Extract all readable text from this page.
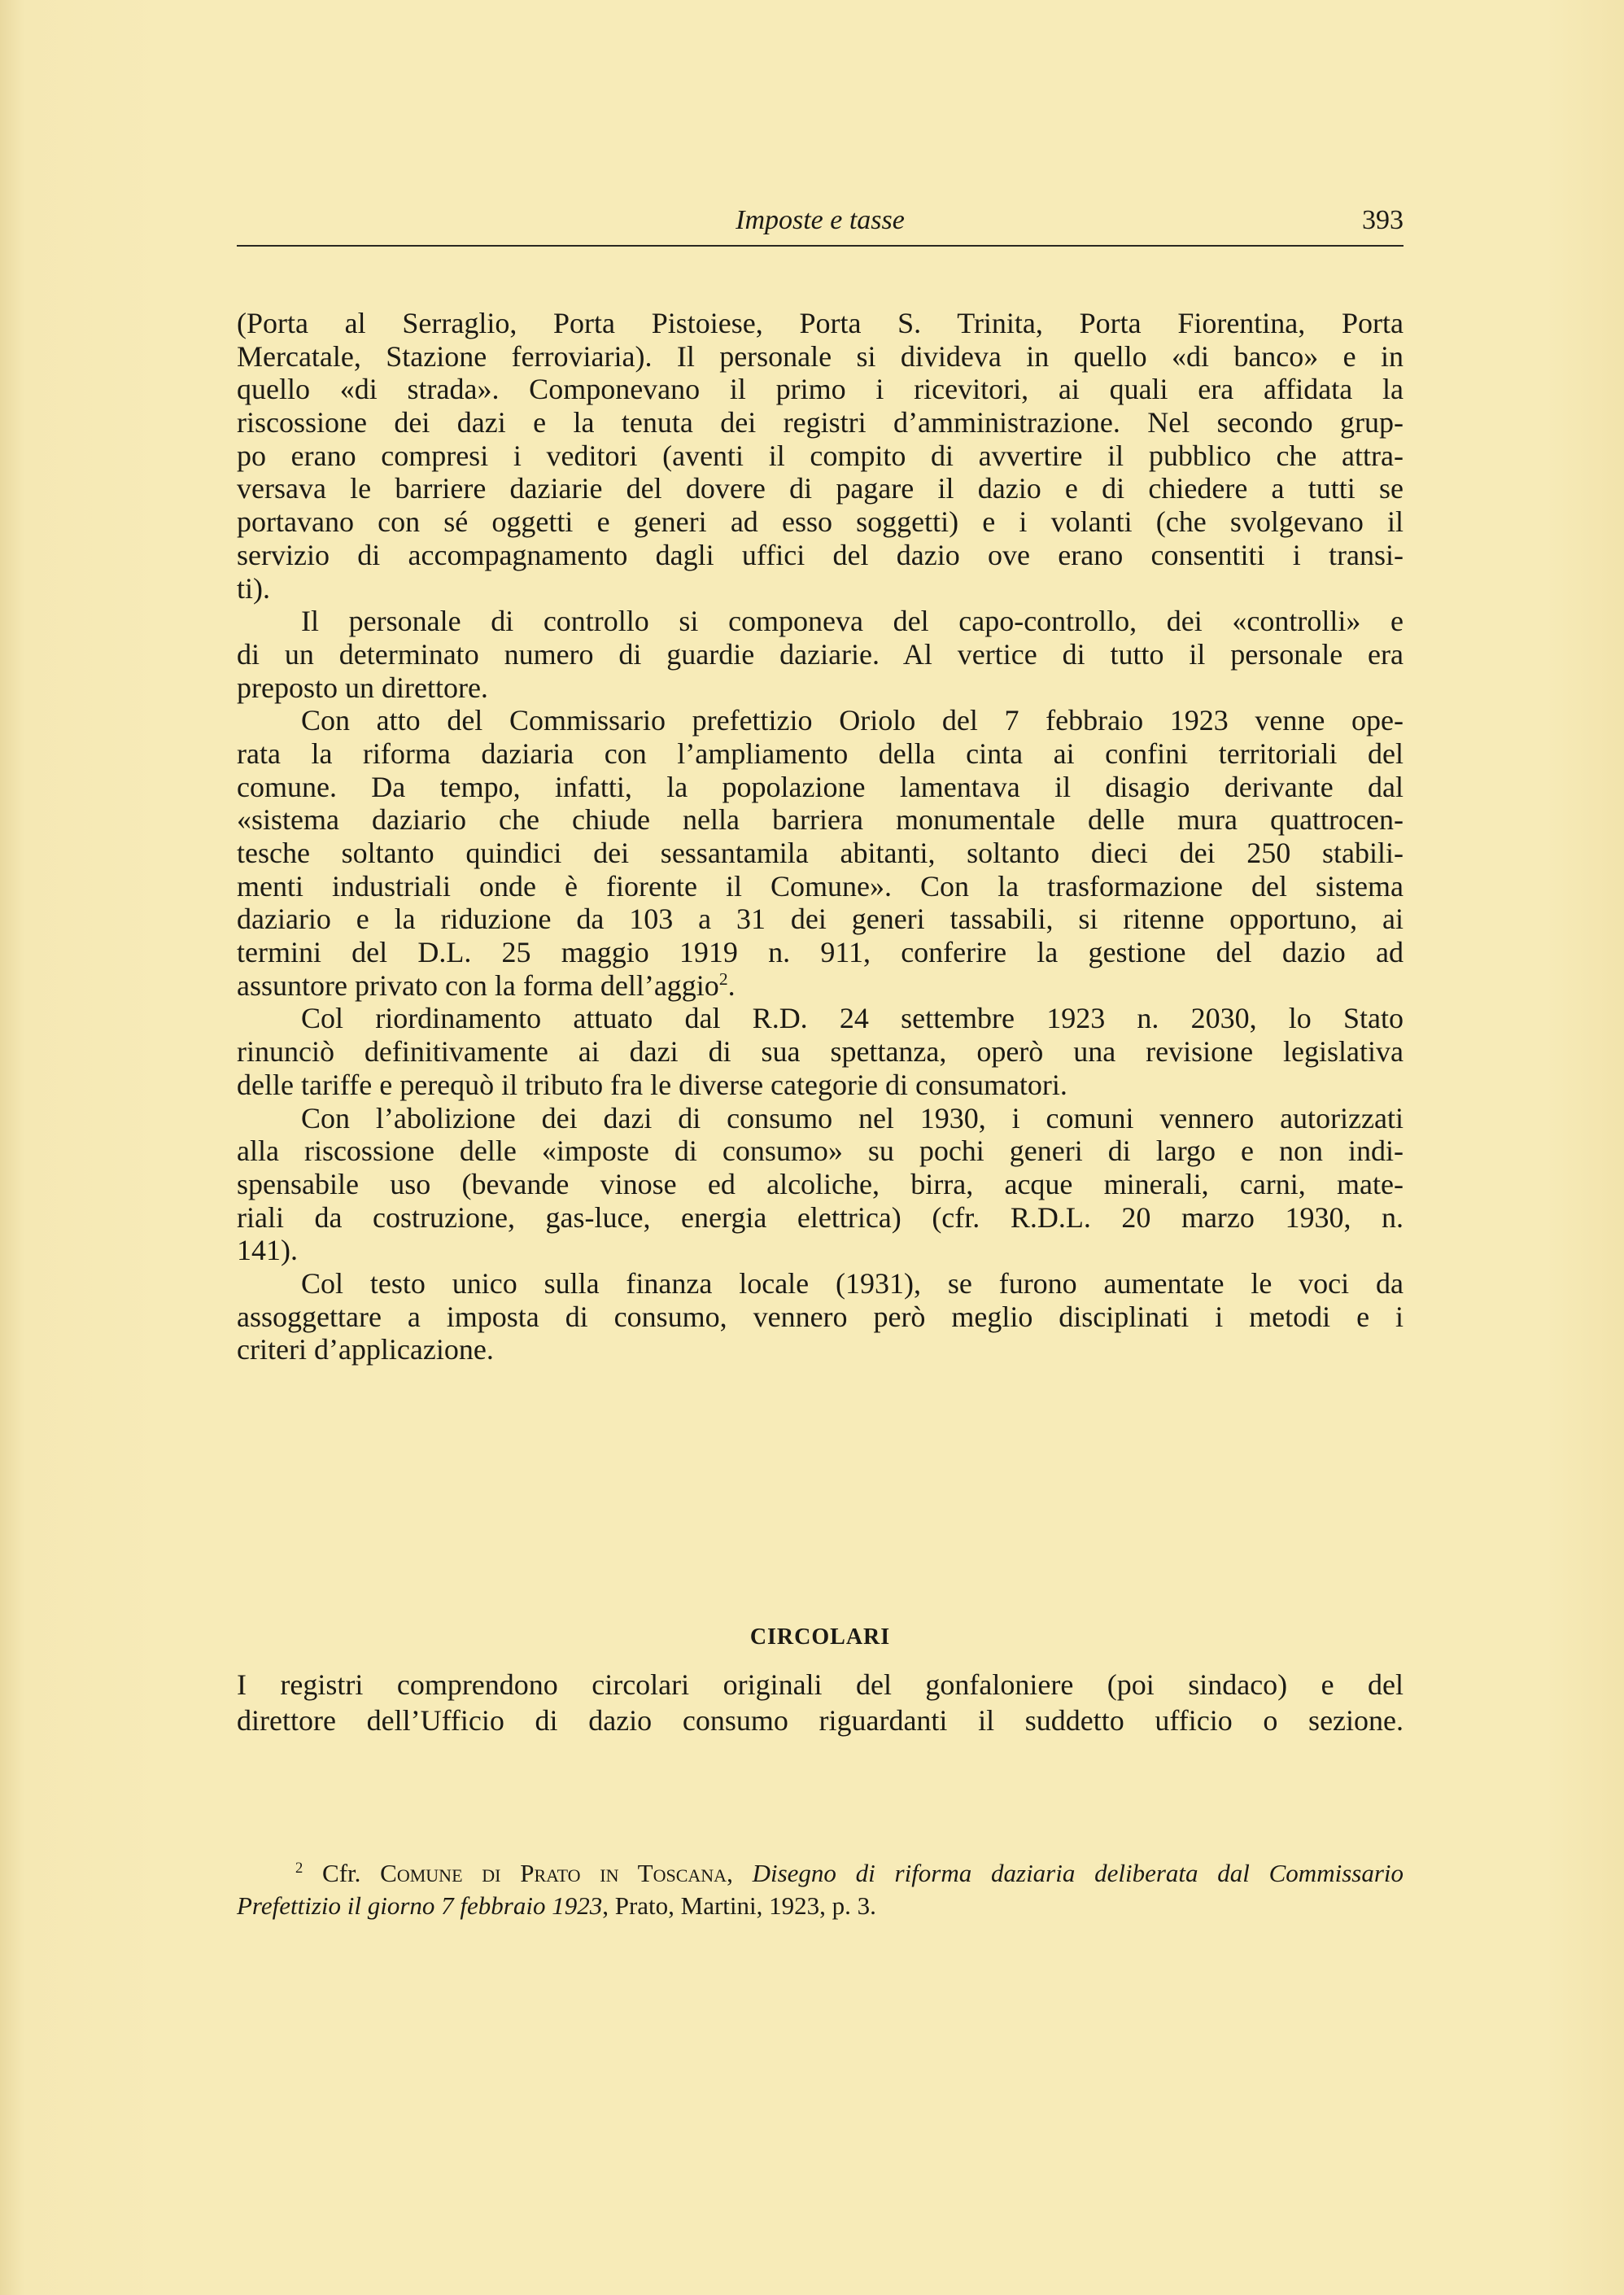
Imposte e tasse	393
(Porta al Serraglio, Porta Pistoiese, Porta S. Trinita, Porta Fiorentina, Porta
Mercatale, Stazione ferroviaria). Il personale si divideva in quello «di banco» e in
quello «di strada». Componevano il primo i ricevitori, ai quali era affidata la
riscossione dei dazi e la tenuta dei registri d’amministrazione. Nel secondo grup-
po erano compresi i veditori (aventi il compito di avvertire il pubblico che attra-
versava le barriere daziarie del dovere di pagare il dazio e di chiedere a tutti se
portavano con sé oggetti e generi ad esso soggetti) e i volanti (che svolgevano il
servizio di accompagnamento dagli uffici del dazio ove erano consentiti i transi-
ti).
Il personale di controllo si componeva del capo-controllo, dei «controlli» e
di un determinato numero di guardie daziarie. Al vertice di tutto il personale era
preposto un direttore.
Con atto del Commissario prefettizio Oriolo del 7 febbraio 1923 venne ope-
rata la riforma daziaria con l’ampliamento della cinta ai confini territoriali del
comune. Da tempo, infatti, la popolazione lamentava il disagio derivante dal
«sistema daziario che chiude nella barriera monumentale delle mura quattrocen-
tesche soltanto quindici dei sessantamila abitanti, soltanto dieci dei 250 stabili-
menti industriali onde è fiorente il Comune». Con la trasformazione del sistema
daziario e la riduzione da 103 a 31 dei generi tassabili, si ritenne opportuno, ai
termini del D.L. 25 maggio 1919 n. 911, conferire la gestione del dazio ad
assuntore privato con la forma dell’aggio$^2$.
Col riordinamento attuato dal R.D. 24 settembre 1923 n. 2030, lo Stato
rinunciò definitivamente ai dazi di sua spettanza, operò una revisione legislativa
delle tariffe e perequò il tributo fra le diverse categorie di consumatori.
Con l’abolizione dei dazi di consumo nel 1930, i comuni vennero autorizzati
alla riscossione delle «imposte di consumo» su pochi generi di largo e non indi-
spensabile uso (bevande vinose ed alcoliche, birra, acque minerali, carni, mate-
riali da costruzione, gas-luce, energia elettrica) (cfr. R.D.L. 20 marzo 1930, n.
141).
Col testo unico sulla finanza locale (1931), se furono aumentate le voci da
assoggettare a imposta di consumo, vennero però meglio disciplinati i metodi e i
criteri d’applicazione.
CIRCOLARI
I registri comprendono circolari originali del gonfaloniere (poi sindaco) e del
direttore dell’Ufficio di dazio consumo riguardanti il suddetto ufficio o sezione.
$^2$ Cfr. Comune di Prato in Toscana, Disegno di riforma daziaria deliberata dal Commissario
Prefettizio il giorno 7 febbraio 1923, Prato, Martini, 1923, p. 3.
